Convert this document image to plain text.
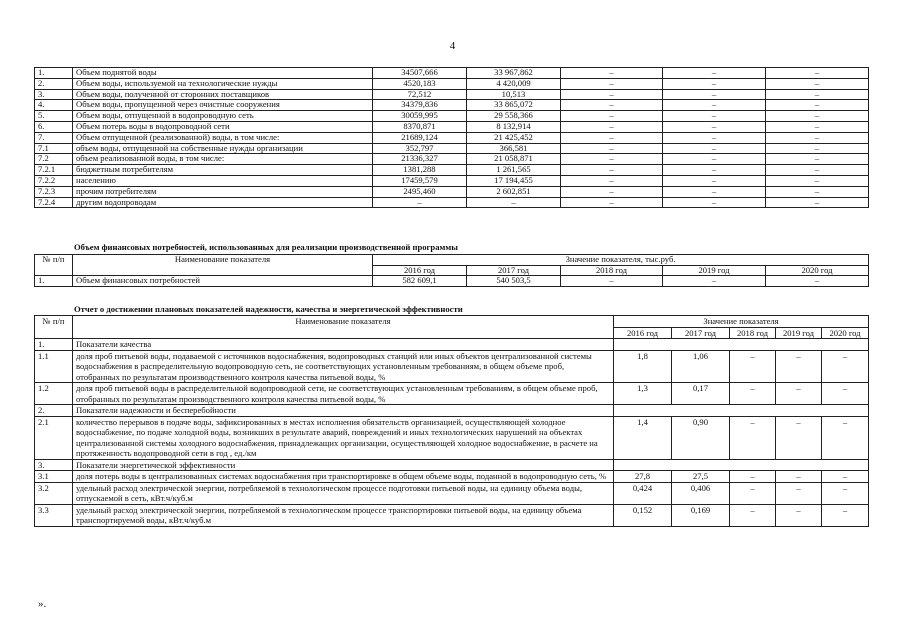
4
1.	Объем поднятой воды	34507,666	33 967,862	–	–	–
2.	Объем воды, используемой на технологические нужды	4520,183	4 420,009	–	–	–
3.	Объем воды, полученной от сторонних поставщиков	72,512	10,513	–	–	–
4.	Объем воды, пропущенной через очистные сооружения	34379,836	33 865,072	–	–	–
5.	Объем воды, отпущенной в водопроводную сеть	30059,995	29 558,366	–	–	–
6.	Объем потерь воды в водопроводной сети	8370,871	8 132,914	–	–	–
7.	Объем отпущенной (реализованной) воды, в том числе:	21689,124	21 425,452	–	–	–
7.1	объем воды, отпущенной на собственные нужды организации	352,797	366,581	–	–	–
7.2	объем реализованной воды, в том числе:	21336,327	21 058,871	–	–	–
7.2.1	бюджетным потребителям	1381,288	1 261,565	–	–	–
7.2.2	населению	17459,579	17 194,455	–	–	–
7.2.3	прочим потребителям	2495,460	2 602,851	–	–	–
7.2.4	другим водопроводам	–	–	–	–	–
Объем финансовых потребностей, использованных для реализации производственной программы
№ п/п	Наименование показателя	Значение показателя, тыс.руб.				
		2016 год	2017 год	2018 год	2019 год	2020 год
1.	Объем финансовых потребностей	582 609,1	540 503,5	–	–	–
Отчет о достижении плановых показателей надежности, качества и энергетической эффективности
№ п/п	Наименование показателя	Значение показателя				
		2016 год	2017 год	2018 год	2019 год	2020 год
1.	Показатели качества					
1.1	доля проб питьевой воды, подаваемой с источников водоснабжения, водопроводных станций или иных объектов централизованной системы водоснабжения в распределительную водопроводную сеть, не соответствующих установленным требованиям, в общем объеме проб, отобранных по результатам производственного контроля качества питьевой воды, %	1,8	1,06	–	–	–
1.2	доля проб питьевой воды в распределительной водопроводной сети, не соответствующих установленным требованиям, в общем объеме проб, отобранных по результатам производственного контроля качества питьевой воды, %	1,3	0,17	–	–	–
2.	Показатели надежности и бесперебойности					
2.1	количество перерывов в подаче воды, зафиксированных в местах исполнения обязательств организацией, осуществляющей холодное водоснабжение, по подаче холодной воды, возникших в результате аварий, повреждений и иных технологических нарушений на объектах централизованной системы холодного водоснабжения, принадлежащих организации, осуществляющей холодное водоснабжение, в расчете на протяженность водопроводной сети в год , ед./км	1,4	0,90	–	–	–
3.	Показатели энергетической эффективности					
3.1	доля потерь воды в централизованных системах водоснабжения при транспортировке в общем объеме воды, поданной в водопроводную сеть, %	27,8	27,5	–	–	–
3.2	удельный расход электрической энергии, потребляемой в технологическом процессе подготовки питьевой воды, на единицу объема воды, отпускаемой в сеть, кВт.ч/куб.м	0,424	0,406	–	–	–
3.3	удельный расход электрической энергии, потребляемой в технологическом процессе транспортировки питьевой воды, на единицу объема транспортируемой воды, кВт.ч/куб.м	0,152	0,169	–	–	–
».
